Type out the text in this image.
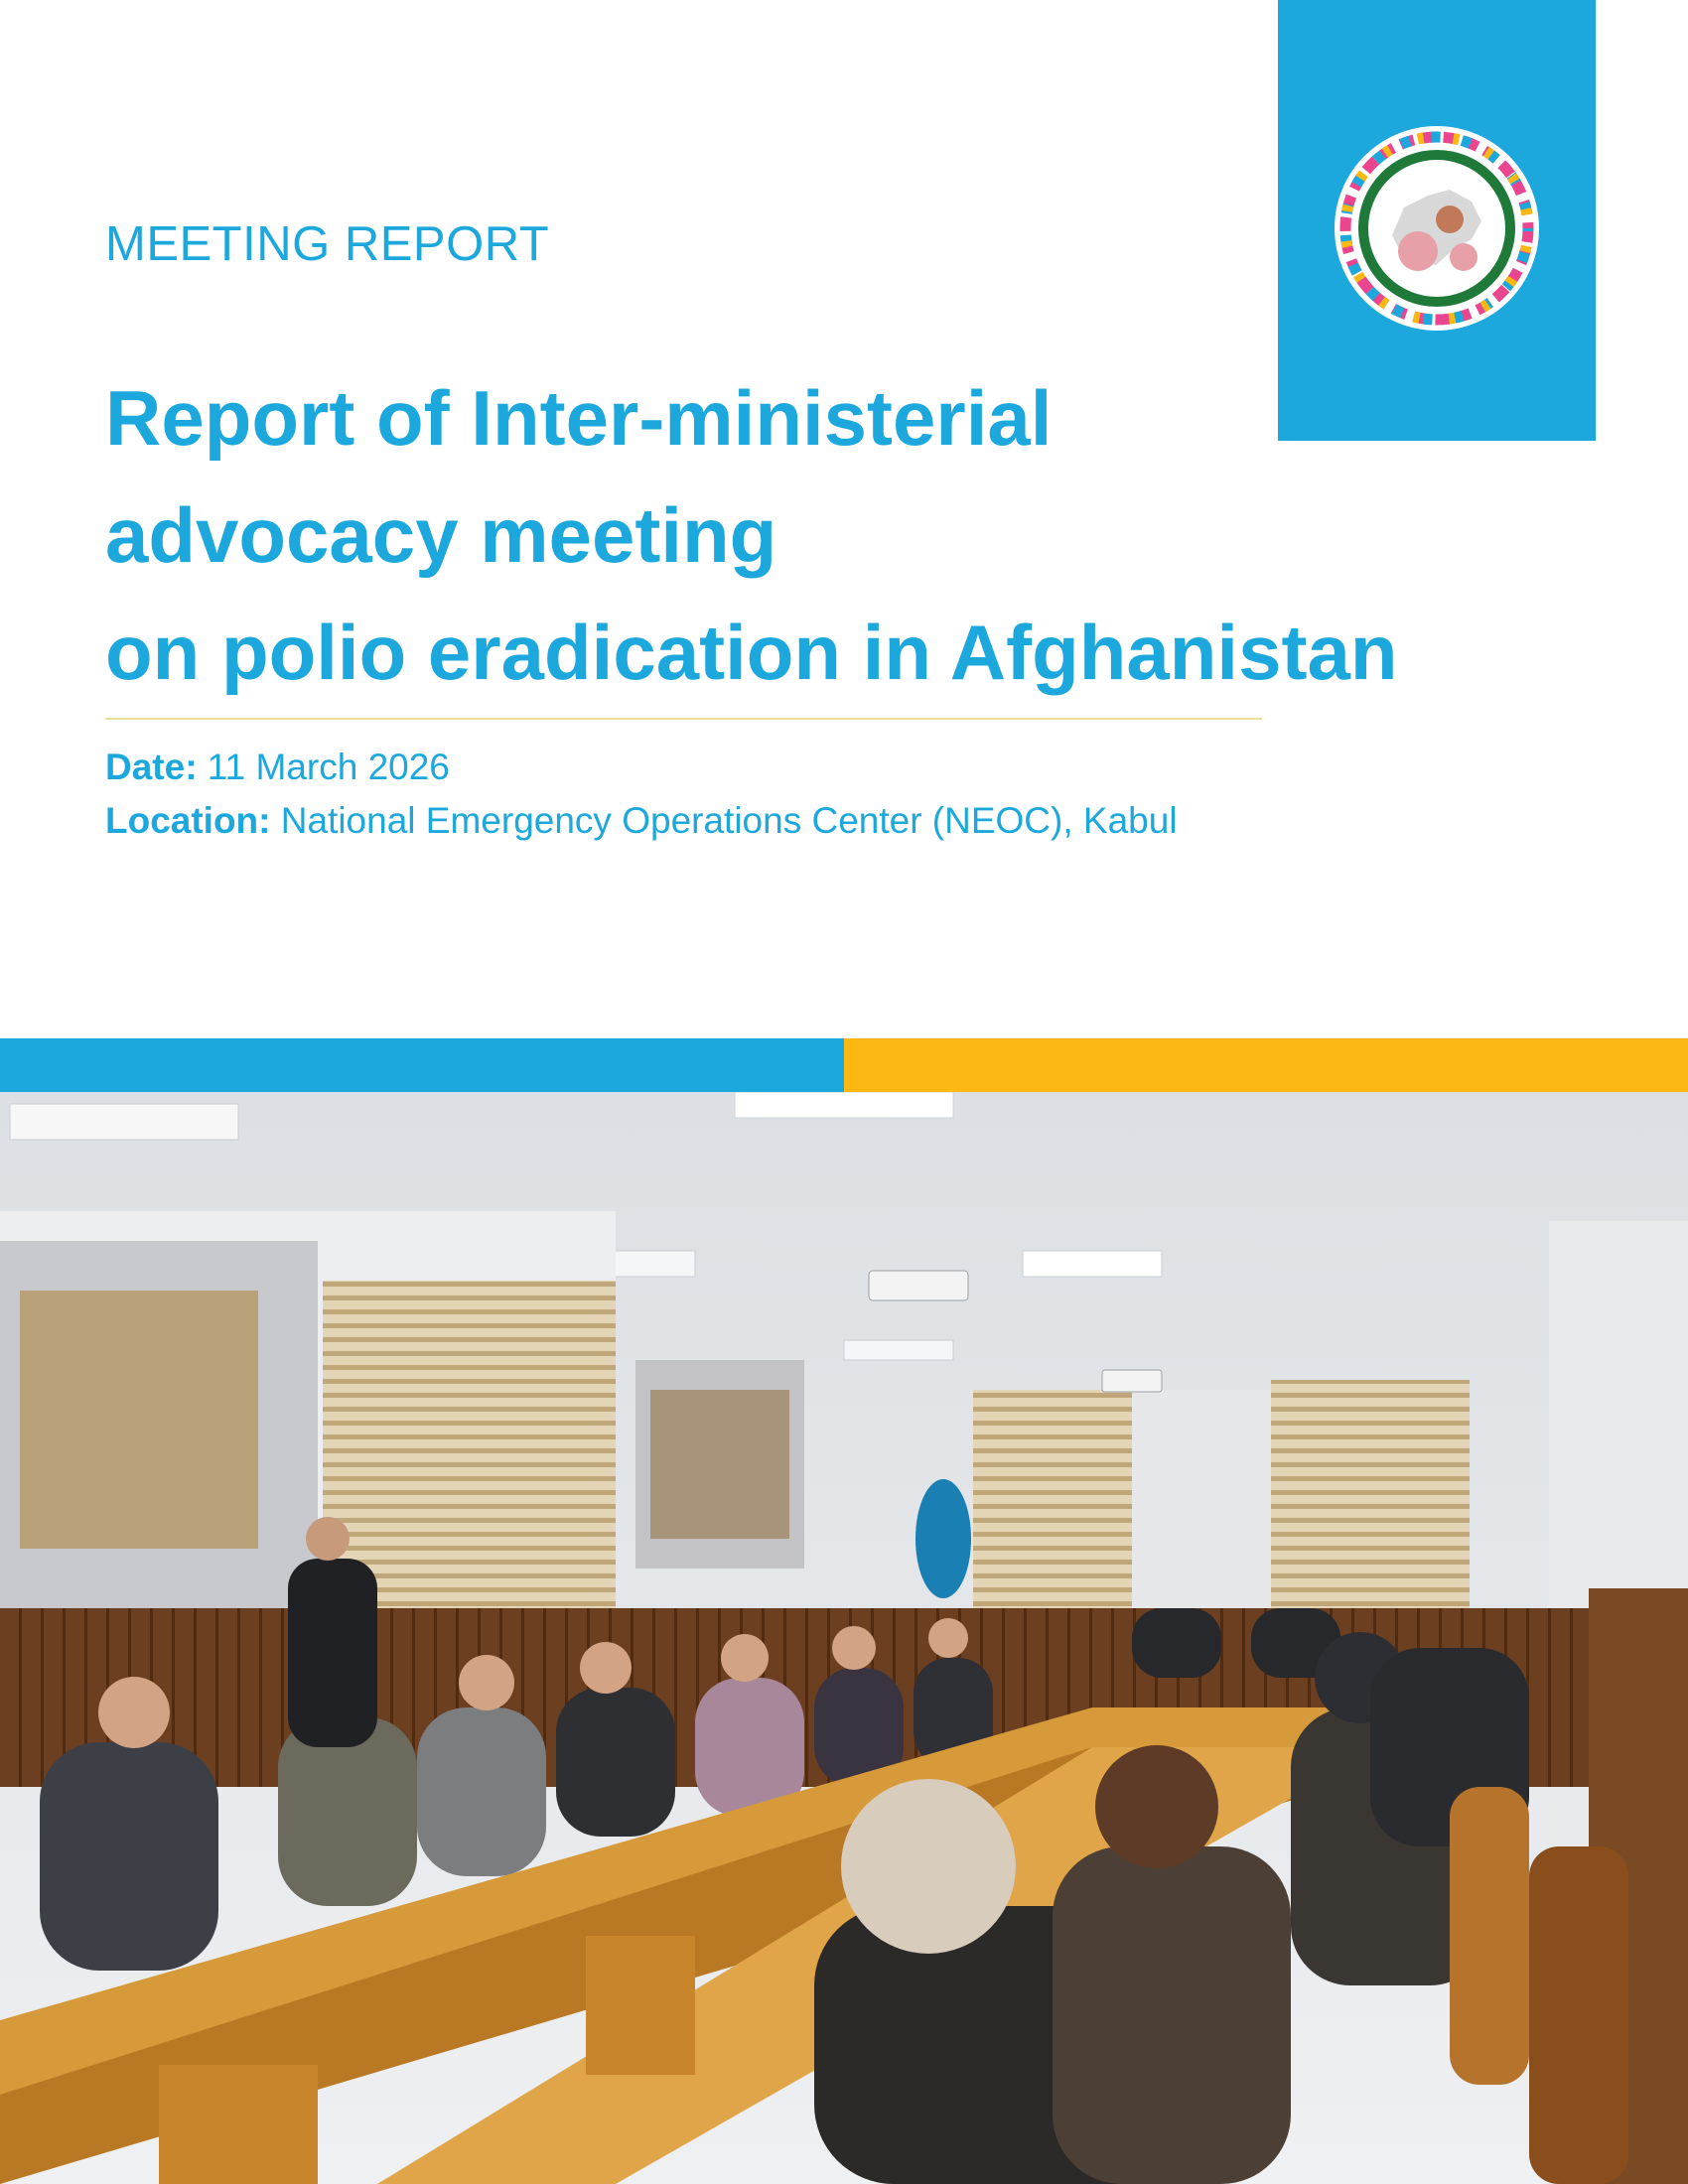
MEETING REPORT
Report of Inter-ministerial
advocacy meeting
on polio eradication in Afghanistan
Date: 11 March 2026
Location: National Emergency Operations Center (NEOC), Kabul
